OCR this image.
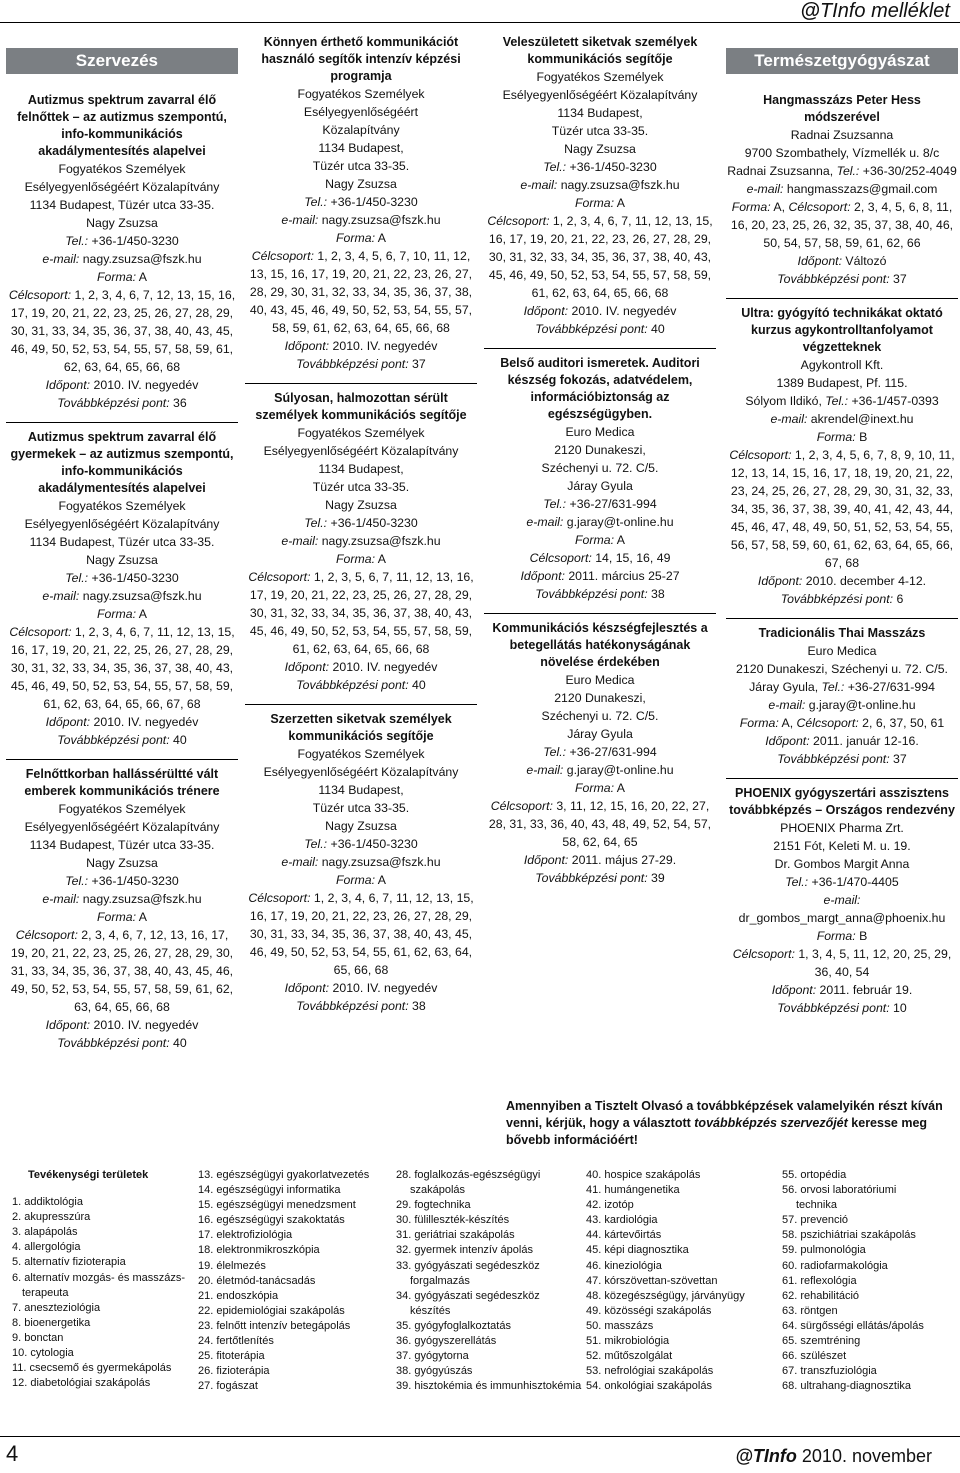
@TInfo melléklet
Szervezés
Autizmus spektrum zavarral élő felnőttek – az autizmus szempontú, info-kommunikációs akadálymentesítés alapelvei
Fogyatékos Személyek
Esélyegyenlőségéért Közalapítvány
1134 Budapest, Tüzér utca 33-35.
Nagy Zsuzsa
Tel.: +36-1/450-3230
e-mail: nagy.zsuzsa@fszk.hu
Forma: A
Célcsoport: 1, 2, 3, 4, 6, 7, 12, 13, 15, 16, 17, 19, 20, 21, 22, 23, 25, 26, 27, 28, 29, 30, 31, 33, 34, 35, 36, 37, 38, 40, 43, 45, 46, 49, 50, 52, 53, 54, 55, 57, 58, 59, 61, 62, 63, 64, 65, 66, 68
Időpont: 2010. IV. negyedév
Továbbképzési pont: 36
Autizmus spektrum zavarral élő gyermekek – az autizmus szempontú, info-kommunikációs akadálymentesítés alapelvei
Fogyatékos Személyek
Esélyegyenlőségéért Közalapítvány
1134 Budapest, Tüzér utca 33-35.
Nagy Zsuzsa
Tel.: +36-1/450-3230
e-mail: nagy.zsuzsa@fszk.hu
Forma: A
Célcsoport: 1, 2, 3, 4, 6, 7, 11, 12, 13, 15, 16, 17, 19, 20, 21, 22, 25, 26, 27, 28, 29, 30, 31, 32, 33, 34, 35, 36, 37, 38, 40, 43, 45, 46, 49, 50, 52, 53, 54, 55, 57, 58, 59, 61, 62, 63, 64, 65, 66, 67, 68
Időpont: 2010. IV. negyedév
Továbbképzési pont: 40
Felnőttkorban hallássérültté vált emberek kommunikációs trénere
Fogyatékos Személyek
Esélyegyenlőségéért Közalapítvány
1134 Budapest, Tüzér utca 33-35.
Nagy Zsuzsa
Tel.: +36-1/450-3230
e-mail: nagy.zsuzsa@fszk.hu
Forma: A
Célcsoport: 2, 3, 4, 6, 7, 12, 13, 16, 17, 19, 20, 21, 22, 23, 25, 26, 27, 28, 29, 30, 31, 33, 34, 35, 36, 37, 38, 40, 43, 45, 46, 49, 50, 52, 53, 54, 55, 57, 58, 59, 61, 62, 63, 64, 65, 66, 68
Időpont: 2010. IV. negyedév
Továbbképzési pont: 40
Könnyen érthető kommunikációt használó segítők intenzív képzési programja
Fogyatékos Személyek
Esélyegyenlőségéért
Közalapítvány
1134 Budapest,
Tüzér utca 33-35.
Nagy Zsuzsa
Tel.: +36-1/450-3230
e-mail: nagy.zsuzsa@fszk.hu
Forma: A
Célcsoport: 1, 2, 3, 4, 5, 6, 7, 10, 11, 12, 13, 15, 16, 17, 19, 20, 21, 22, 23, 26, 27, 28, 29, 30, 31, 32, 33, 34, 35, 36, 37, 38, 40, 43, 45, 46, 49, 50, 52, 53, 54, 55, 57, 58, 59, 61, 62, 63, 64, 65, 66, 68
Időpont: 2010. IV. negyedév
Továbbképzési pont: 37
Súlyosan, halmozottan sérült személyek kommunikációs segítője
Fogyatékos Személyek
Esélyegyenlőségéért Közalapítvány
1134 Budapest,
Tüzér utca 33-35.
Nagy Zsuzsa
Tel.: +36-1/450-3230
e-mail: nagy.zsuzsa@fszk.hu
Forma: A
Célcsoport: 1, 2, 3, 5, 6, 7, 11, 12, 13, 16, 17, 19, 20, 21, 22, 23, 25, 26, 27, 28, 29, 30, 31, 32, 33, 34, 35, 36, 37, 38, 40, 43, 45, 46, 49, 50, 52, 53, 54, 55, 57, 58, 59, 61, 62, 63, 64, 65, 66, 68
Időpont: 2010. IV. negyedév
Továbbképzési pont: 40
Szerzetten siketvak személyek kommunikációs segítője
Fogyatékos Személyek
Esélyegyenlőségéért Közalapítvány
1134 Budapest,
Tüzér utca 33-35.
Nagy Zsuzsa
Tel.: +36-1/450-3230
e-mail: nagy.zsuzsa@fszk.hu
Forma: A
Célcsoport: 1, 2, 3, 4, 6, 7, 11, 12, 13, 15, 16, 17, 19, 20, 21, 22, 23, 26, 27, 28, 29, 30, 31, 33, 34, 35, 36, 37, 38, 40, 43, 45, 46, 49, 50, 52, 53, 54, 55, 61, 62, 63, 64, 65, 66, 68
Időpont: 2010. IV. negyedév
Továbbképzési pont: 38
Veleszületett siketvak személyek kommunikációs segítője
Fogyatékos Személyek
Esélyegyenlőségéért Közalapítvány
1134 Budapest,
Tüzér utca 33-35.
Nagy Zsuzsa
Tel.: +36-1/450-3230
e-mail: nagy.zsuzsa@fszk.hu
Forma: A
Célcsoport: 1, 2, 3, 4, 6, 7, 11, 12, 13, 15, 16, 17, 19, 20, 21, 22, 23, 26, 27, 28, 29, 30, 31, 32, 33, 34, 35, 36, 37, 38, 40, 43, 45, 46, 49, 50, 52, 53, 54, 55, 57, 58, 59, 61, 62, 63, 64, 65, 66, 68
Időpont: 2010. IV. negyedév
Továbbképzési pont: 40
Belső auditori ismeretek. Auditori készség fokozás, adatvédelem, információbiztonság az egészségügyben.
Euro Medica
2120 Dunakeszi,
Széchenyi u. 72. C/5.
Járay Gyula
Tel.: +36-27/631-994
e-mail: g.jaray@t-online.hu
Forma: A
Célcsoport: 14, 15, 16, 49
Időpont: 2011. március 25-27
Továbbképzési pont: 38
Kommunikációs készségfejlesztés a betegellátás hatékonyságának növelése érdekében
Euro Medica
2120 Dunakeszi,
Széchenyi u. 72. C/5.
Járay Gyula
Tel.: +36-27/631-994
e-mail: g.jaray@t-online.hu
Forma: A
Célcsoport: 3, 11, 12, 15, 16, 20, 22, 27, 28, 31, 33, 36, 40, 43, 48, 49, 52, 54, 57, 58, 62, 64, 65
Időpont: 2011. május 27-29.
Továbbképzési pont: 39
Természetgyógyászat
Hangmasszázs Peter Hess módszerével
Radnai Zsuzsanna
9700 Szombathely, Vízmellék u. 8/c
Radnai Zsuzsanna, Tel.: +36-30/252-4049
e-mail: hangmasszazs@gmail.com
Forma: A, Célcsoport: 2, 3, 4, 5, 6, 8, 11, 16, 20, 23, 25, 26, 32, 35, 37, 38, 40, 46, 50, 54, 57, 58, 59, 61, 62, 66
Időpont: Változó
Továbbképzési pont: 37
Ultra: gyógyító technikákat oktató kurzus agykontrolltanfolyamot végzetteknek
Agykontroll Kft.
1389 Budapest, Pf. 115.
Sólyom Ildikó, Tel.: +36-1/457-0393
e-mail: akrendel@inext.hu
Forma: B
Célcsoport: 1, 2, 3, 4, 5, 6, 7, 8, 9, 10, 11, 12, 13, 14, 15, 16, 17, 18, 19, 20, 21, 22, 23, 24, 25, 26, 27, 28, 29, 30, 31, 32, 33, 34, 35, 36, 37, 38, 39, 40, 41, 42, 43, 44, 45, 46, 47, 48, 49, 50, 51, 52, 53, 54, 55, 56, 57, 58, 59, 60, 61, 62, 63, 64, 65, 66, 67, 68
Időpont: 2010. december 4-12.
Továbbképzési pont: 6
Tradicionális Thai Masszázs
Euro Medica
2120 Dunakeszi, Széchenyi u. 72. C/5.
Járay Gyula, Tel.: +36-27/631-994
e-mail: g.jaray@t-online.hu
Forma: A, Célcsoport: 2, 6, 37, 50, 61
Időpont: 2011. január 12-16.
Továbbképzési pont: 37
PHOENIX gyógyszertári asszisztens továbbképzés – Országos rendezvény
PHOENIX Pharma Zrt.
2151 Fót, Keleti M. u. 19.
Dr. Gombos Margit Anna
Tel.: +36-1/470-4405
e-mail:
dr_gombos_margt_anna@phoenix.hu
Forma: B
Célcsoport: 1, 3, 4, 5, 11, 12, 20, 25, 29, 36, 40, 54
Időpont: 2011. február 19.
Továbbképzési pont: 10
Amennyiben a Tisztelt Olvasó a továbbképzések valamelyikén részt kíván venni, kérjük, hogy a választott továbbképzés szervezőjét keresse meg bővebb információért!
Tevékenységi területek
1. addiktológia
2. akupresszúra
3. alapápolás
4. allergológia
5. alternatív fizioterapia
6. alternatív mozgás- és masszázs-
terapeuta
7. aneszteziológia
8. bioenergetika
9. bonctan
10. cytologia
11. csecsemő és gyermekápolás
12. diabetológiai szakápolás
13. egészségügyi gyakorlatvezetés
14. egészségügyi informatika
15. egészségügyi menedzsment
16. egészségügyi szakoktatás
17. elektrofiziológia
18. elektronmikroszkópia
19. élelmezés
20. életmód-tanácsadás
21. endoszkópia
22. epidemiológiai szakápolás
23. felnőtt intenzív betegápolás
24. fertőtlenítés
25. fitoterápia
26. fizioterápia
27. fogászat
28. foglalkozás-egészségügyi
szakápolás
29. fogtechnika
30. fülilleszték-készítés
31. geriátriai szakápolás
32. gyermek intenzív ápolás
33. gyógyászati segédeszköz
forgalmazás
34. gyógyászati segédeszköz
készítés
35. gyógyfoglalkoztatás
36. gyógyszerellátás
37. gyógytorna
38. gyógyúszás
39. hisztokémia és immunhisztokémia
40. hospice szakápolás
41. humángenetika
42. izotóp
43. kardiológia
44. kártevőirtás
45. képi diagnosztika
46. kineziológia
47. kórszövettan-szövettan
48. közegészségügy, járványügy
49. közösségi szakápolás
50. masszázs
51. mikrobiológia
52. műtőszolgálat
53. nefrológiai szakápolás
54. onkológiai szakápolás
55. ortopédia
56. orvosi laboratóriumi
technika
57. prevenció
58. pszichiátriai szakápolás
59. pulmonológia
60. radiofarmakológia
61. reflexológia
62. rehabilitáció
63. röntgen
64. sürgősségi ellátás/ápolás
65. szemtréning
66. szülészet
67. transzfuziológia
68. ultrahang-diagnosztika
4	@TInfo 2010. november
